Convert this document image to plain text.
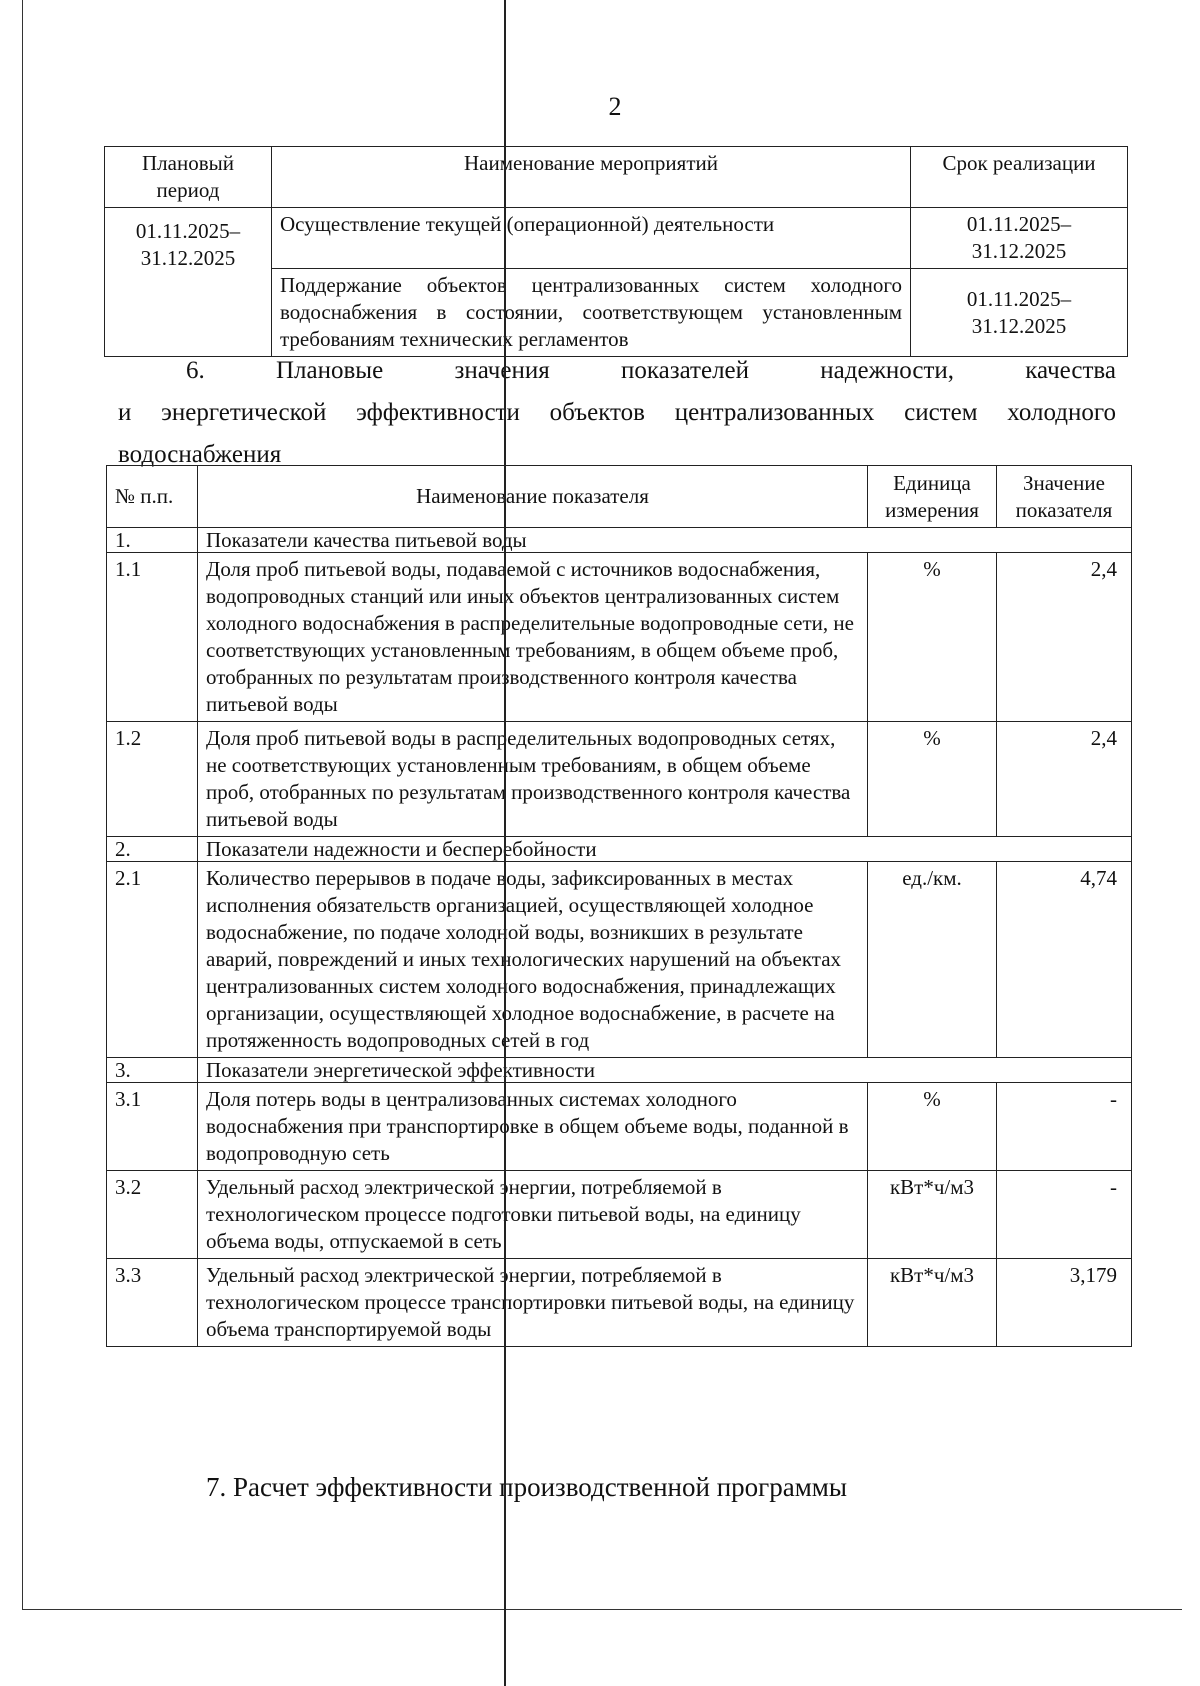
2
Плановый период	Наименование мероприятий	Срок реализации
01.11.2025– 31.12.2025	Осуществление текущей (операционной) деятельности	01.11.2025– 31.12.2025
	Поддержание объектов централизованных систем холодного водоснабжения в состоянии, соответствующем установленным требованиям технических регламентов	01.11.2025– 31.12.2025
6. Плановые значения показателей надежности, качества
и энергетической эффективности объектов централизованных систем холодного
водоснабжения
№ п.п.	Наименование показателя	Единица измерения	Значение показателя
1.	Показатели качества питьевой воды		
1.1	Доля проб питьевой воды, подаваемой с источников водоснабжения, водопроводных станций или иных объектов централизованных систем холодного водоснабжения в распределительные водопроводные сети, не соответствующих установленным требованиям, в общем объеме проб, отобранных по результатам производственного контроля качества питьевой воды	%	2,4
1.2	Доля проб питьевой воды в распределительных водопроводных сетях, не соответствующих установленным требованиям, в общем объеме проб, отобранных по результатам производственного контроля качества питьевой воды	%	2,4
2.	Показатели надежности и бесперебойности		
2.1	Количество перерывов в подаче воды, зафиксированных в местах исполнения обязательств организацией, осуществляющей холодное водоснабжение, по подаче холодной воды, возникших в результате аварий, повреждений и иных технологических нарушений на объектах централизованных систем холодного водоснабжения, принадлежащих организации, осуществляющей холодное водоснабжение, в расчете на протяженность водопроводных сетей в год	ед./км.	4,74
3.	Показатели энергетической эффективности		
3.1	Доля потерь воды в централизованных системах холодного водоснабжения при транспортировке в общем объеме воды, поданной в водопроводную сеть	%	-
3.2	Удельный расход электрической энергии, потребляемой в технологическом процессе подготовки питьевой воды, на единицу объема воды, отпускаемой в сеть	кВт*ч/м3	-
3.3	Удельный расход электрической энергии, потребляемой в технологическом процессе транспортировки питьевой воды, на единицу объема транспортируемой воды	кВт*ч/м3	3,179
7. Расчет эффективности производственной программы
